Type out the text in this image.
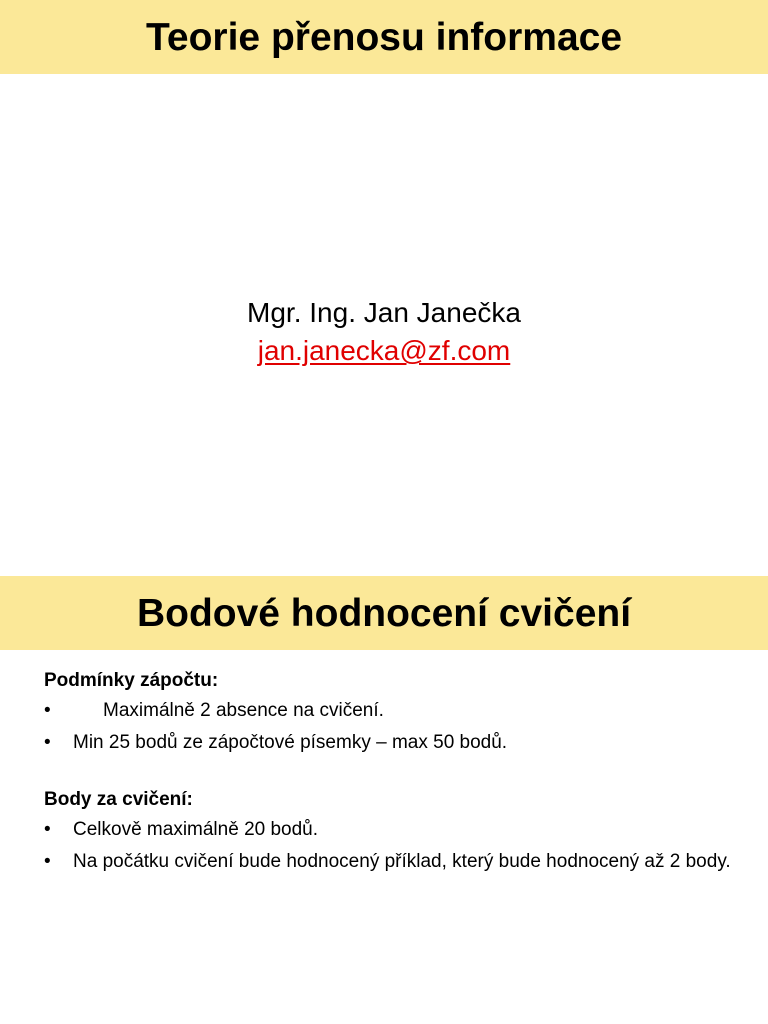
Teorie přenosu informace

Mgr. Ing. Jan Janečka

jan.janecka@zf.com
Bodové hodnocení cvičení

Podmínky zápočtu:

•	Maximálně 2 absence na cvičení.
• Min 25 bodů ze zápočtové písemky – max 50 bodů.

Body za cvičení:

• Celkově maximálně 20 bodů.
• Na počátku cvičení bude hodnocený příklad, který bude hodnocený až 2 body.
